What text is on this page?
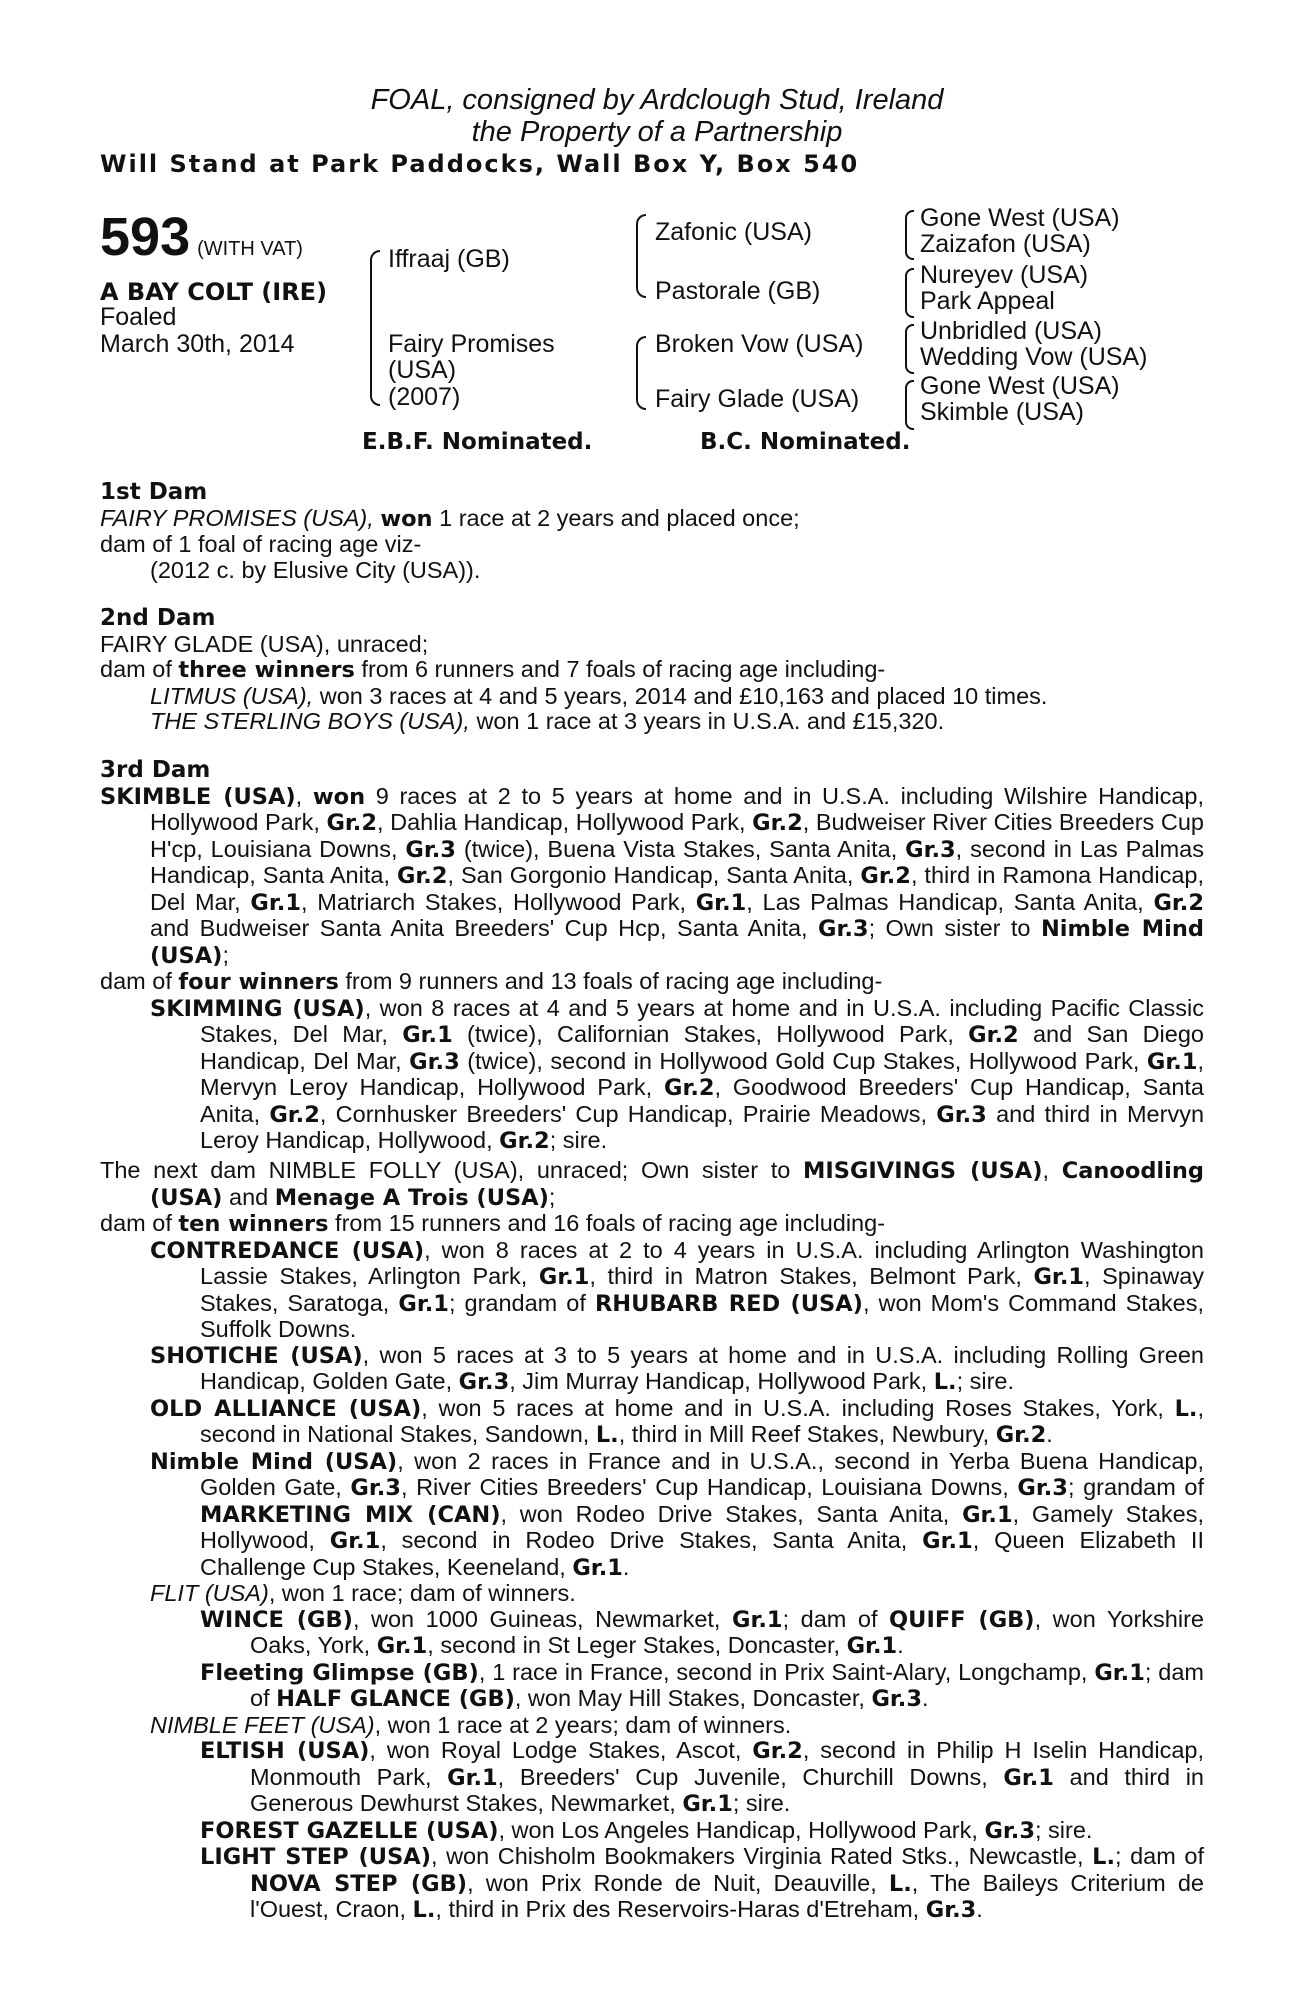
FOAL, consigned by Ardclough Stud, Ireland
the Property of a Partnership
Will Stand at Park Paddocks, Wall Box Y, Box 540
593 (WITH VAT)
A BAY COLT (IRE)
Foaled
March 30th, 2014
Iffraaj (GB)
Fairy Promises
(USA)
(2007)
Zafonic (USA)
Pastorale (GB)
Broken Vow (USA)
Fairy Glade (USA)
Gone West (USA)
Zaizafon (USA)
Nureyev (USA)
Park Appeal
Unbridled (USA)
Wedding Vow (USA)
Gone West (USA)
Skimble (USA)
E.B.F. Nominated.	B.C. Nominated.

1st Dam

FAIRY PROMISES (USA), won 1 race at 2 years and placed once;

dam of 1 foal of racing age viz-

(2012 c. by Elusive City (USA)).

2nd Dam

FAIRY GLADE (USA), unraced;

dam of three winners from 6 runners and 7 foals of racing age including-

LITMUS (USA), won 3 races at 4 and 5 years, 2014 and £10,163 and placed 10 times.

THE STERLING BOYS (USA), won 1 race at 3 years in U.S.A. and £15,320.

3rd Dam

SKIMBLE (USA), won 9 races at 2 to 5 years at home and in U.S.A. including Wilshire Handicap, Hollywood Park, Gr.2, Dahlia Handicap, Hollywood Park, Gr.2, Budweiser River Cities Breeders Cup H'cp, Louisiana Downs, Gr.3 (twice), Buena Vista Stakes, Santa Anita, Gr.3, second in Las Palmas Handicap, Santa Anita, Gr.2, San Gorgonio Handicap, Santa Anita, Gr.2, third in Ramona Handicap, Del Mar, Gr.1, Matriarch Stakes, Hollywood Park, Gr.1, Las Palmas Handicap, Santa Anita, Gr.2 and Budweiser Santa Anita Breeders' Cup Hcp, Santa Anita, Gr.3; Own sister to Nimble Mind (USA);

dam of four winners from 9 runners and 13 foals of racing age including-

SKIMMING (USA), won 8 races at 4 and 5 years at home and in U.S.A. including Pacific Classic Stakes, Del Mar, Gr.1 (twice), Californian Stakes, Hollywood Park, Gr.2 and San Diego Handicap, Del Mar, Gr.3 (twice), second in Hollywood Gold Cup Stakes, Hollywood Park, Gr.1, Mervyn Leroy Handicap, Hollywood Park, Gr.2, Goodwood Breeders' Cup Handicap, Santa Anita, Gr.2, Cornhusker Breeders' Cup Handicap, Prairie Meadows, Gr.3 and third in Mervyn Leroy Handicap, Hollywood, Gr.2; sire.

The next dam NIMBLE FOLLY (USA), unraced; Own sister to MISGIVINGS (USA), Canoodling (USA) and Menage A Trois (USA);

dam of ten winners from 15 runners and 16 foals of racing age including-

CONTREDANCE (USA), won 8 races at 2 to 4 years in U.S.A. including Arlington Washington Lassie Stakes, Arlington Park, Gr.1, third in Matron Stakes, Belmont Park, Gr.1, Spinaway Stakes, Saratoga, Gr.1; grandam of RHUBARB RED (USA), won Mom's Command Stakes, Suffolk Downs.

SHOTICHE (USA), won 5 races at 3 to 5 years at home and in U.S.A. including Rolling Green Handicap, Golden Gate, Gr.3, Jim Murray Handicap, Hollywood Park, L.; sire.

OLD ALLIANCE (USA), won 5 races at home and in U.S.A. including Roses Stakes, York, L., second in National Stakes, Sandown, L., third in Mill Reef Stakes, Newbury, Gr.2.

Nimble Mind (USA), won 2 races in France and in U.S.A., second in Yerba Buena Handicap, Golden Gate, Gr.3, River Cities Breeders' Cup Handicap, Louisiana Downs, Gr.3; grandam of MARKETING MIX (CAN), won Rodeo Drive Stakes, Santa Anita, Gr.1, Gamely Stakes, Hollywood, Gr.1, second in Rodeo Drive Stakes, Santa Anita, Gr.1, Queen Elizabeth II Challenge Cup Stakes, Keeneland, Gr.1.

FLIT (USA), won 1 race; dam of winners.

WINCE (GB), won 1000 Guineas, Newmarket, Gr.1; dam of QUIFF (GB), won Yorkshire Oaks, York, Gr.1, second in St Leger Stakes, Doncaster, Gr.1.

Fleeting Glimpse (GB), 1 race in France, second in Prix Saint-Alary, Longchamp, Gr.1; dam of HALF GLANCE (GB), won May Hill Stakes, Doncaster, Gr.3.

NIMBLE FEET (USA), won 1 race at 2 years; dam of winners.

ELTISH (USA), won Royal Lodge Stakes, Ascot, Gr.2, second in Philip H Iselin Handicap, Monmouth Park, Gr.1, Breeders' Cup Juvenile, Churchill Downs, Gr.1 and third in Generous Dewhurst Stakes, Newmarket, Gr.1; sire.

FOREST GAZELLE (USA), won Los Angeles Handicap, Hollywood Park, Gr.3; sire.

LIGHT STEP (USA), won Chisholm Bookmakers Virginia Rated Stks., Newcastle, L.; dam of NOVA STEP (GB), won Prix Ronde de Nuit, Deauville, L., The Baileys Criterium de l'Ouest, Craon, L., third in Prix des Reservoirs-Haras d'Etreham, Gr.3.
